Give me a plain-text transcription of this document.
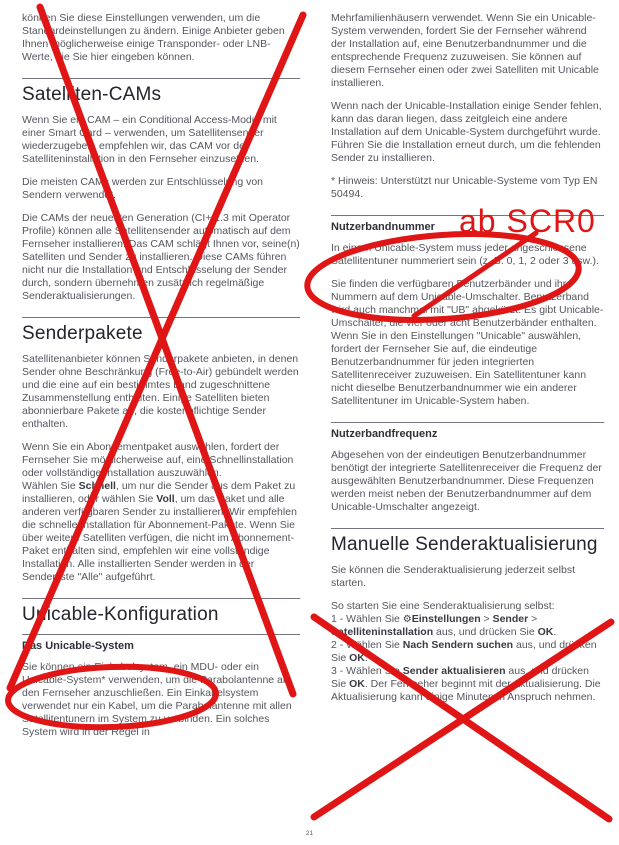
können Sie diese Einstellungen verwenden, um die Standardeinstellungen zu ändern. Einige Anbieter geben Ihnen möglicherweise einige Transponder- oder LNB-Werte, die Sie hier eingeben können.

Satelliten-CAMs

Wenn Sie ein CAM – ein Conditional Access-Modul mit einer Smart Card – verwenden, um Satellitensender wiederzugeben, empfehlen wir, das CAM vor der Satelliteninstallation in den Fernseher einzusetzen.

Die meisten CAMs werden zur Entschlüsselung von Sendern verwendet.

Die CAMs der neuesten Generation (CI+ 1.3 mit Operator Profile) können alle Satellitensender automatisch auf dem Fernseher installieren. Das CAM schlägt Ihnen vor, seine(n) Satelliten und Sender zu installieren. Diese CAMs führen nicht nur die Installation und Entschlüsselung der Sender durch, sondern übernehmen zusätzlich regelmäßige Senderaktualisierungen.

Senderpakete

Satellitenanbieter können Senderpakete anbieten, in denen Sender ohne Beschränkung (Free-to-Air) gebündelt werden und die eine auf ein bestimmtes Land zugeschnittene Zusammenstellung enthalten. Einige Satelliten bieten abonnierbare Pakete an, die kostenpflichtige Sender enthalten.

Wenn Sie ein Abonnementpaket auswählen, fordert der Fernseher Sie möglicherweise auf, eine Schnellinstallation oder vollständige Installation auszuwählen.

Wählen Sie Schnell, um nur die Sender aus dem Paket zu installieren, oder wählen Sie Voll, um das Paket und alle anderen verfügbaren Sender zu installieren. Wir empfehlen die schnelle Installation für Abonnement-Pakete. Wenn Sie über weitere Satelliten verfügen, die nicht im Abonnement-Paket enthalten sind, empfehlen wir eine vollständige Installation. Alle installierten Sender werden in der Senderliste "Alle" aufgeführt.

Unicable-Konfiguration
Das Unicable-System

Sie können ein Einkabelsystem, ein MDU- oder ein Unicable-System* verwenden, um die Parabolantenne an den Fernseher anzuschließen. Ein Einkabelsystem verwendet nur ein Kabel, um die Parabolantenne mit allen Satellitentunern im System zu verbinden. Ein solches System wird in der Regel in

Mehrfamilienhäusern verwendet. Wenn Sie ein Unicable-System verwenden, fordert Sie der Fernseher während der Installation auf, eine Benutzerbandnummer und die entsprechende Frequenz zuzuweisen. Sie können auf diesem Fernseher einen oder zwei Satelliten mit Unicable installieren.

Wenn nach der Unicable-Installation einige Sender fehlen, kann das daran liegen, dass zeitgleich eine andere Installation auf dem Unicable-System durchgeführt wurde. Führen Sie die Installation erneut durch, um die fehlenden Sender zu installieren.

* Hinweis: Unterstützt nur Unicable-Systeme vom Typ EN 50494.

Nutzerbandnummer

In einem Unicable-System muss jeder angeschlossene Satellitentuner nummeriert sein (z. B. 0, 1, 2 oder 3 usw.).

Sie finden die verfügbaren Benutzerbänder und ihre Nummern auf dem Unicable-Umschalter. Benutzerband wird auch manchmal mit "UB" abgekürzt. Es gibt Unicable-Umschalter, die vier oder acht Benutzerbänder enthalten. Wenn Sie in den Einstellungen "Unicable" auswählen, fordert der Fernseher Sie auf, die eindeutige Benutzerbandnummer für jeden integrierten Satellitenreceiver zuzuweisen. Ein Satellitentuner kann nicht dieselbe Benutzerbandnummer wie ein anderer Satellitentuner im Unicable-System haben.

Nutzerbandfrequenz

Abgesehen von der eindeutigen Benutzerbandnummer benötigt der integrierte Satellitenreceiver die Frequenz der ausgewählten Benutzerbandnummer. Diese Frequenzen werden meist neben der Benutzerbandnummer auf dem Unicable-Umschalter angezeigt.

Manuelle Senderaktualisierung

Sie können die Senderaktualisierung jederzeit selbst starten.

So starten Sie eine Senderaktualisierung selbst:

1 - Wählen Sie ⚙Einstellungen > Sender >

Satelliteninstallation aus, und drücken Sie OK.

2 - Wählen Sie Nach Sendern suchen aus, und drücken Sie OK.

3 - Wählen Sie Sender aktualisieren aus, und drücken Sie OK. Der Fernseher beginnt mit der Aktualisierung. Die Aktualisierung kann einige Minuten in Anspruch nehmen.

21
ab SCR0
